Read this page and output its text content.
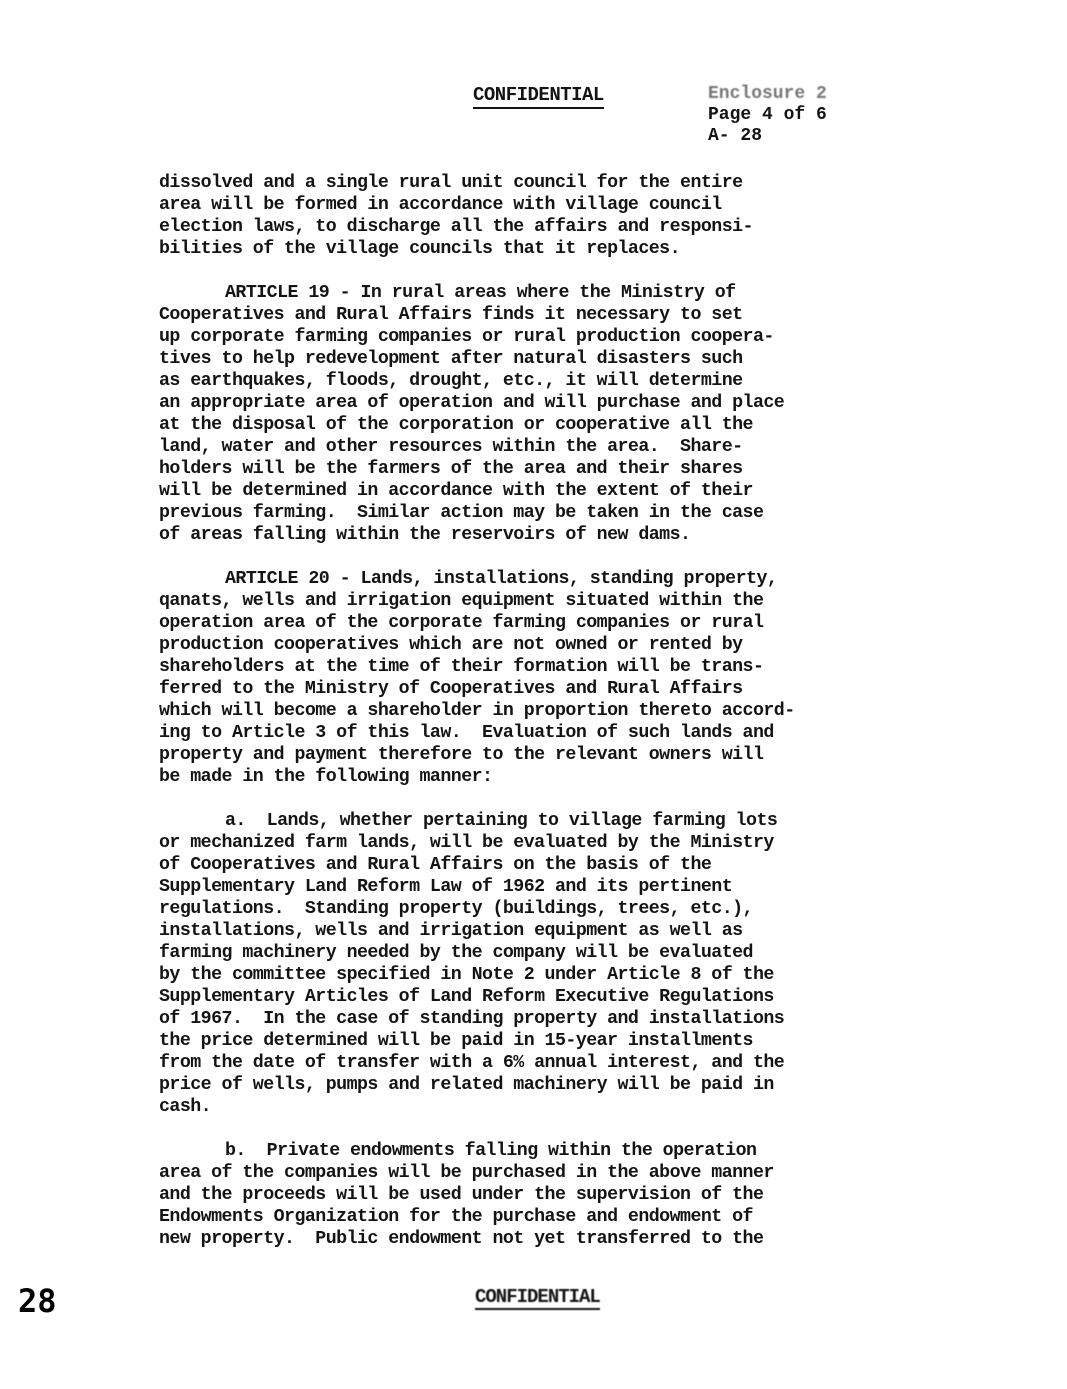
CONFIDENTIAL	Enclosure 2
Page 4 of 6
A- 28
dissolved and a single rural unit council for the entire
area will be formed in accordance with village council
election laws, to discharge all the affairs and responsi-
bilities of the village councils that it replaces.
ARTICLE 19 - In rural areas where the Ministry of
Cooperatives and Rural Affairs finds it necessary to set
up corporate farming companies or rural production coopera-
tives to help redevelopment after natural disasters such
as earthquakes, floods, drought, etc., it will determine
an appropriate area of operation and will purchase and place
at the disposal of the corporation or cooperative all the
land, water and other resources within the area.  Share-
holders will be the farmers of the area and their shares
will be determined in accordance with the extent of their
previous farming.  Similar action may be taken in the case
of areas falling within the reservoirs of new dams.
ARTICLE 20 - Lands, installations, standing property,
qanats, wells and irrigation equipment situated within the
operation area of the corporate farming companies or rural
production cooperatives which are not owned or rented by
shareholders at the time of their formation will be trans-
ferred to the Ministry of Cooperatives and Rural Affairs
which will become a shareholder in proportion thereto accord-
ing to Article 3 of this law.  Evaluation of such lands and
property and payment therefore to the relevant owners will
be made in the following manner:
a.  Lands, whether pertaining to village farming lots
or mechanized farm lands, will be evaluated by the Ministry
of Cooperatives and Rural Affairs on the basis of the
Supplementary Land Reform Law of 1962 and its pertinent
regulations.  Standing property (buildings, trees, etc.),
installations, wells and irrigation equipment as well as
farming machinery needed by the company will be evaluated
by the committee specified in Note 2 under Article 8 of the
Supplementary Articles of Land Reform Executive Regulations
of 1967.  In the case of standing property and installations
the price determined will be paid in 15-year installments
from the date of transfer with a 6% annual interest, and the
price of wells, pumps and related machinery will be paid in
cash.
b.  Private endowments falling within the operation
area of the companies will be purchased in the above manner
and the proceeds will be used under the supervision of the
Endowments Organization for the purchase and endowment of
new property.  Public endowment not yet transferred to the
28	CONFIDENTIAL
